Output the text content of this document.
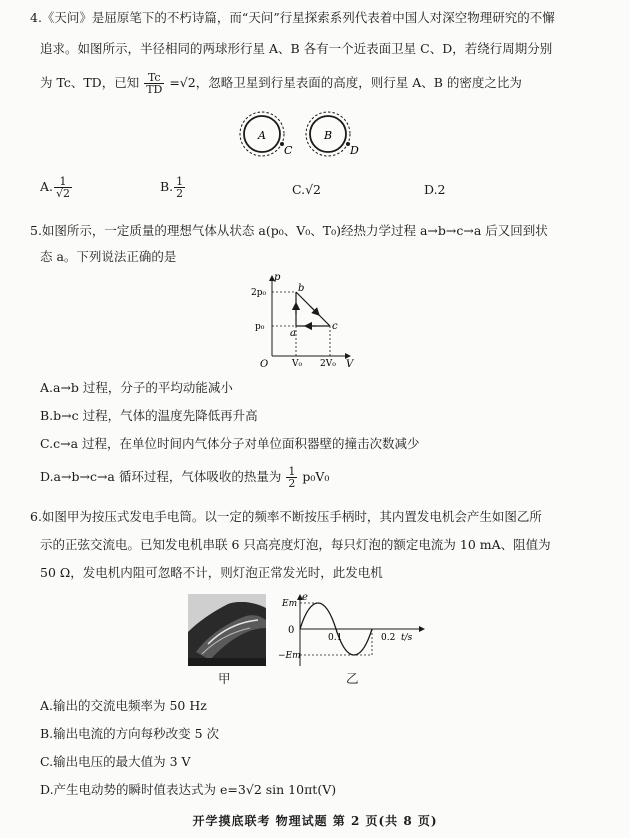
4.《天问》是屈原笔下的不朽诗篇，而“天问”行星探索系列代表着中国人对深空物理研究的不懈
追求。如图所示，半径相同的两球形行星 A、B 各有一个近表面卫星 C、D，若绕行周期分别
为 Tc、TD，已知 $\frac{Tc}{TD} =√2$，忽略卫星到行星表面的高度，则行星 A、B 的密度之比为
A	B
C	D
A. $\frac{1}{√2}$	B. $\frac{1}{2}$	C.√2	D.2
5.如图所示，一定质量的理想气体从状态 a(p₀、V₀、T₀)经热力学过程 a→b→c→a 后又回到状
态 a。下列说法正确的是
p
V
O
2p₀
p₀
V₀ 2V₀
a
b
c
A.a→b 过程，分子的平均动能减小
B.b→c 过程，气体的温度先降低再升高
C.c→a 过程，在单位时间内气体分子对单位面积器壁的撞击次数减少
D.a→b→c→a 循环过程，气体吸收的热量为 $\frac{1}{2} p_0V_0$
6.如图甲为按压式发电手电筒。以一定的频率不断按压手柄时，其内置发电机会产生如图乙所
示的正弦交流电。已知发电机串联 6 只高亮度灯泡，每只灯泡的额定电流为 10 mA、阻值为
50 Ω，发电机内阻可忽略不计，则灯泡正常发光时，此发电机
甲
e
Em
0
−Em
0.1	0.2 t/s
乙
A.输出的交流电频率为 50 Hz
B.输出电流的方向每秒改变 5 次
C.输出电压的最大值为 3 V
D.产生电动势的瞬时值表达式为 e=3√2 sin 10πt(V)
开学摸底联考 物理试题 第 2 页(共 8 页)
